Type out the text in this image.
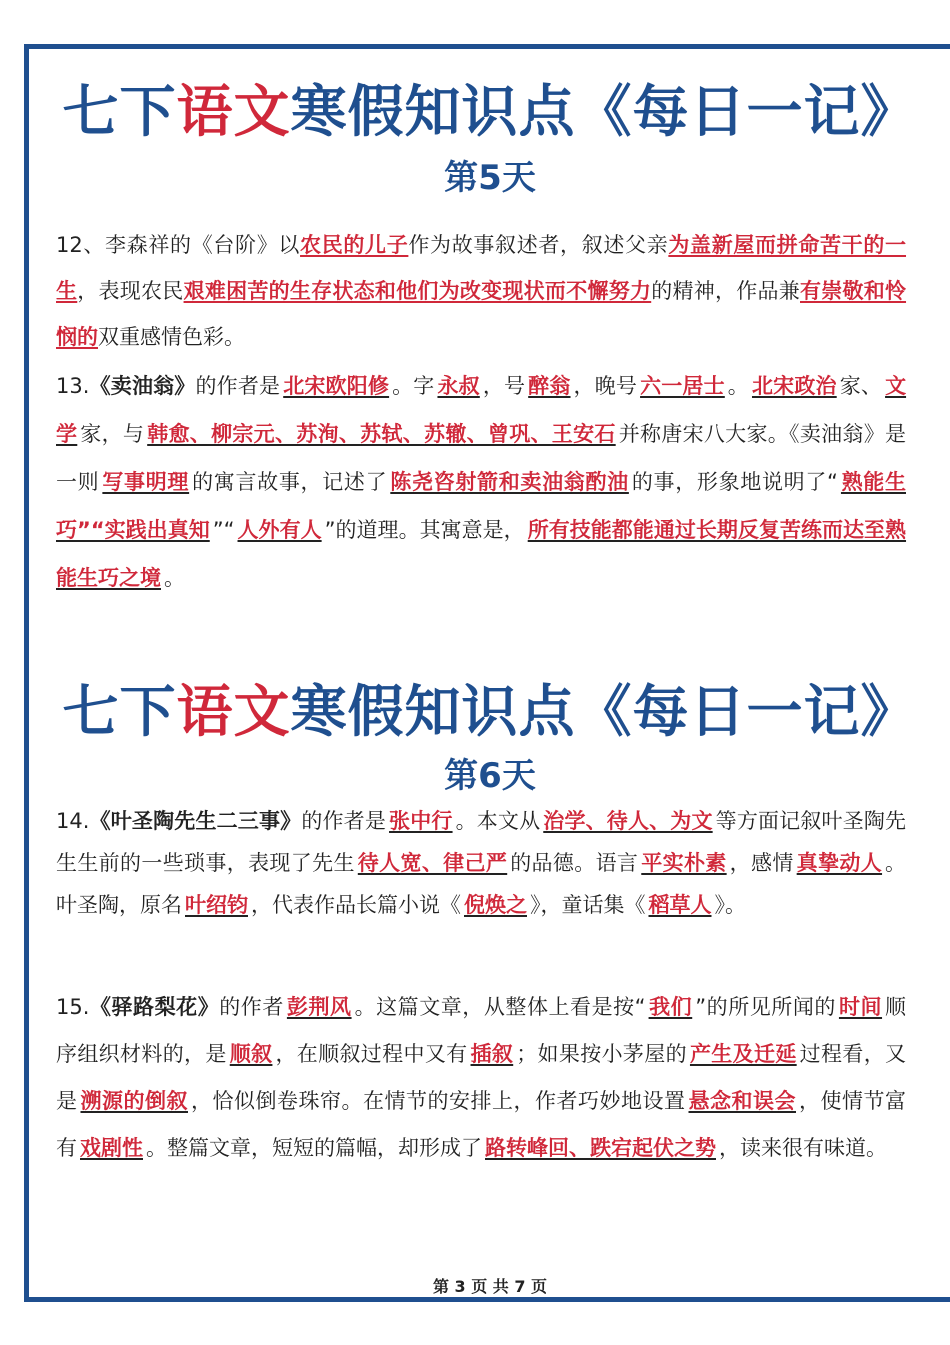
七下语文寒假知识点《每日一记》
第5天
12、李森祥的《台阶》以农民的儿子作为故事叙述者，叙述父亲为盖新屋而拼命苦干的一生，表现农民艰难困苦的生存状态和他们为改变现状而不懈努力的精神，作品兼有崇敬和怜悯的双重感情色彩。
13.《卖油翁》的作者是 北宋欧阳修 。字 永叔 ，号 醉翁 ，晚号 六一居士 。 北宋政治 家、 文学 家，与 韩愈、柳宗元、苏洵、苏轼、苏辙、曾巩、王安石 并称唐宋八大家。《卖油翁》是一则 写事明理 的寓言故事，记述了 陈尧咨射箭和卖油翁酌油 的事，形象地说明了“ 熟能生巧”“实践出真知 ”“ 人外有人 ”的道理。其寓意是， 所有技能都能通过长期反复苦练而达至熟能生巧之境 。
七下语文寒假知识点《每日一记》
第6天
14.《叶圣陶先生二三事》的作者是 张中行 。本文从 治学、待人、为文 等方面记叙叶圣陶先生生前的一些琐事，表现了先生 待人宽、律己严 的品德。语言 平实朴素 ，感情 真挚动人 。叶圣陶，原名 叶绍钧 ，代表作品长篇小说《 倪焕之 》，童话集《 稻草人 》。
15.《驿路梨花》的作者 彭荆风 。这篇文章，从整体上看是按“ 我们 ”的所见所闻的 时间 顺序组织材料的，是 顺叙 ，在顺叙过程中又有 插叙 ；如果按小茅屋的 产生及迁延 过程看，又是 溯源的倒叙 ，恰似倒卷珠帘。在情节的安排上，作者巧妙地设置 悬念和误会 ，使情节富有 戏剧性 。整篇文章，短短的篇幅，却形成了 路转峰回、跌宕起伏之势 ，读来很有味道。
第 3 页 共 7 页
